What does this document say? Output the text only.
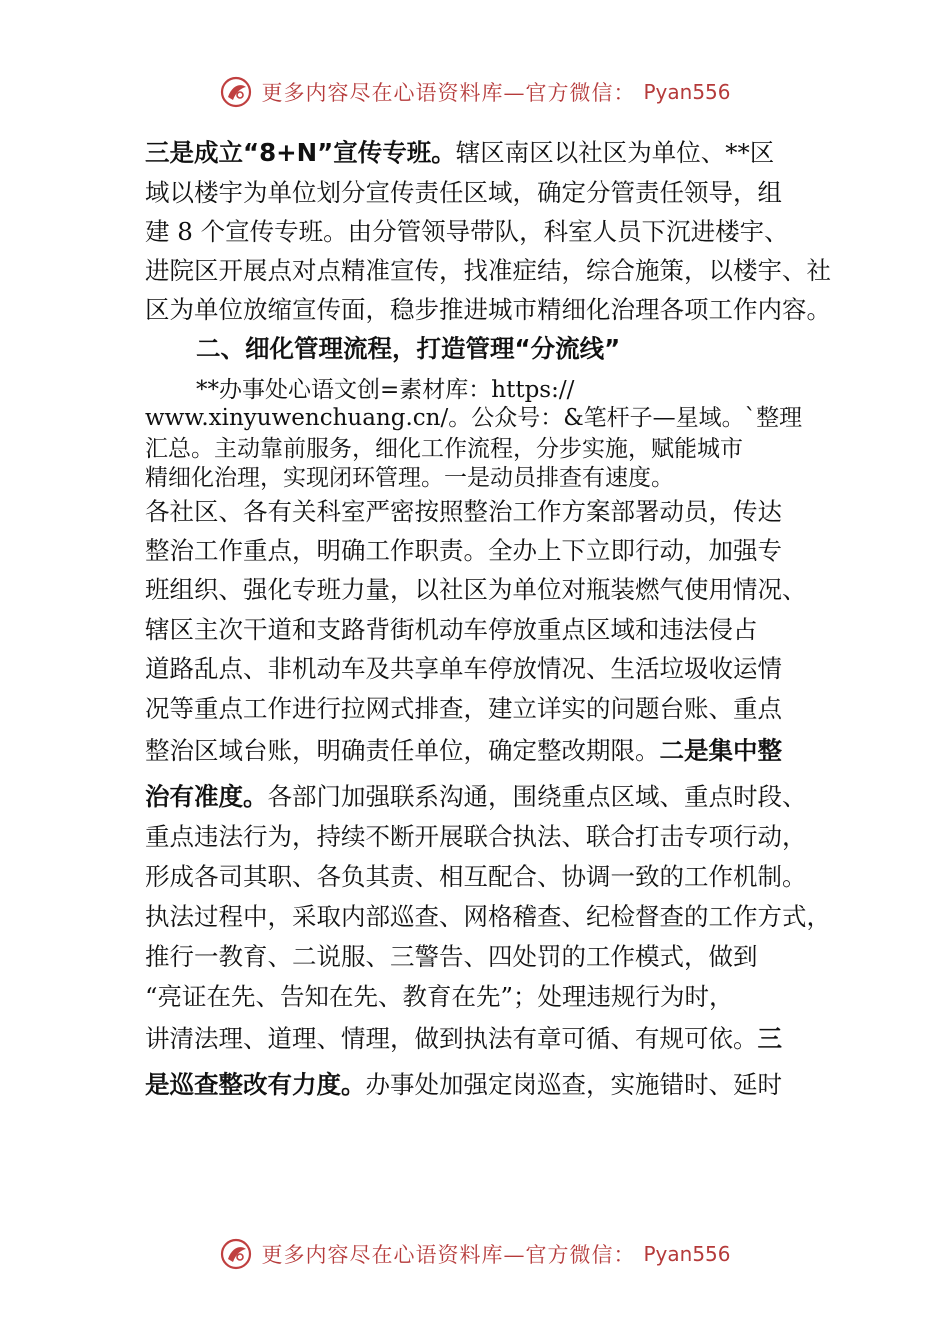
更多内容尽在心语资料库—官方微信： Pyan556
三是成立“8+N”宣传专班。辖区南区以社区为单位、**区
域以楼宇为单位划分宣传责任区域，确定分管责任领导，组
建 8 个宣传专班。由分管领导带队，科室人员下沉进楼宇、
进院区开展点对点精准宣传，找准症结，综合施策，以楼宇、社
区为单位放缩宣传面，稳步推进城市精细化治理各项工作内容。
二、细化管理流程，打造管理“分流线”
**办事处心语文创=素材库：https://
www.xinyuwenchuang.cn/。公众号：&笔杆子—星域。`整理
汇总。主动靠前服务，细化工作流程，分步实施，赋能城市
精细化治理，实现闭环管理。一是动员排查有速度。
各社区、各有关科室严密按照整治工作方案部署动员，传达
整治工作重点，明确工作职责。全办上下立即行动，加强专
班组织、强化专班力量，以社区为单位对瓶装燃气使用情况、
辖区主次干道和支路背街机动车停放重点区域和违法侵占
道路乱点、非机动车及共享单车停放情况、生活垃圾收运情
况等重点工作进行拉网式排查，建立详实的问题台账、重点
整治区域台账，明确责任单位，确定整改期限。二是集中整
治有准度。各部门加强联系沟通，围绕重点区域、重点时段、
重点违法行为，持续不断开展联合执法、联合打击专项行动，
形成各司其职、各负其责、相互配合、协调一致的工作机制。
执法过程中，采取内部巡查、网格稽查、纪检督查的工作方式，
推行一教育、二说服、三警告、四处罚的工作模式，做到
“亮证在先、告知在先、教育在先”；处理违规行为时，
讲清法理、道理、情理，做到执法有章可循、有规可依。三
是巡查整改有力度。办事处加强定岗巡查，实施错时、延时
更多内容尽在心语资料库—官方微信： Pyan556
